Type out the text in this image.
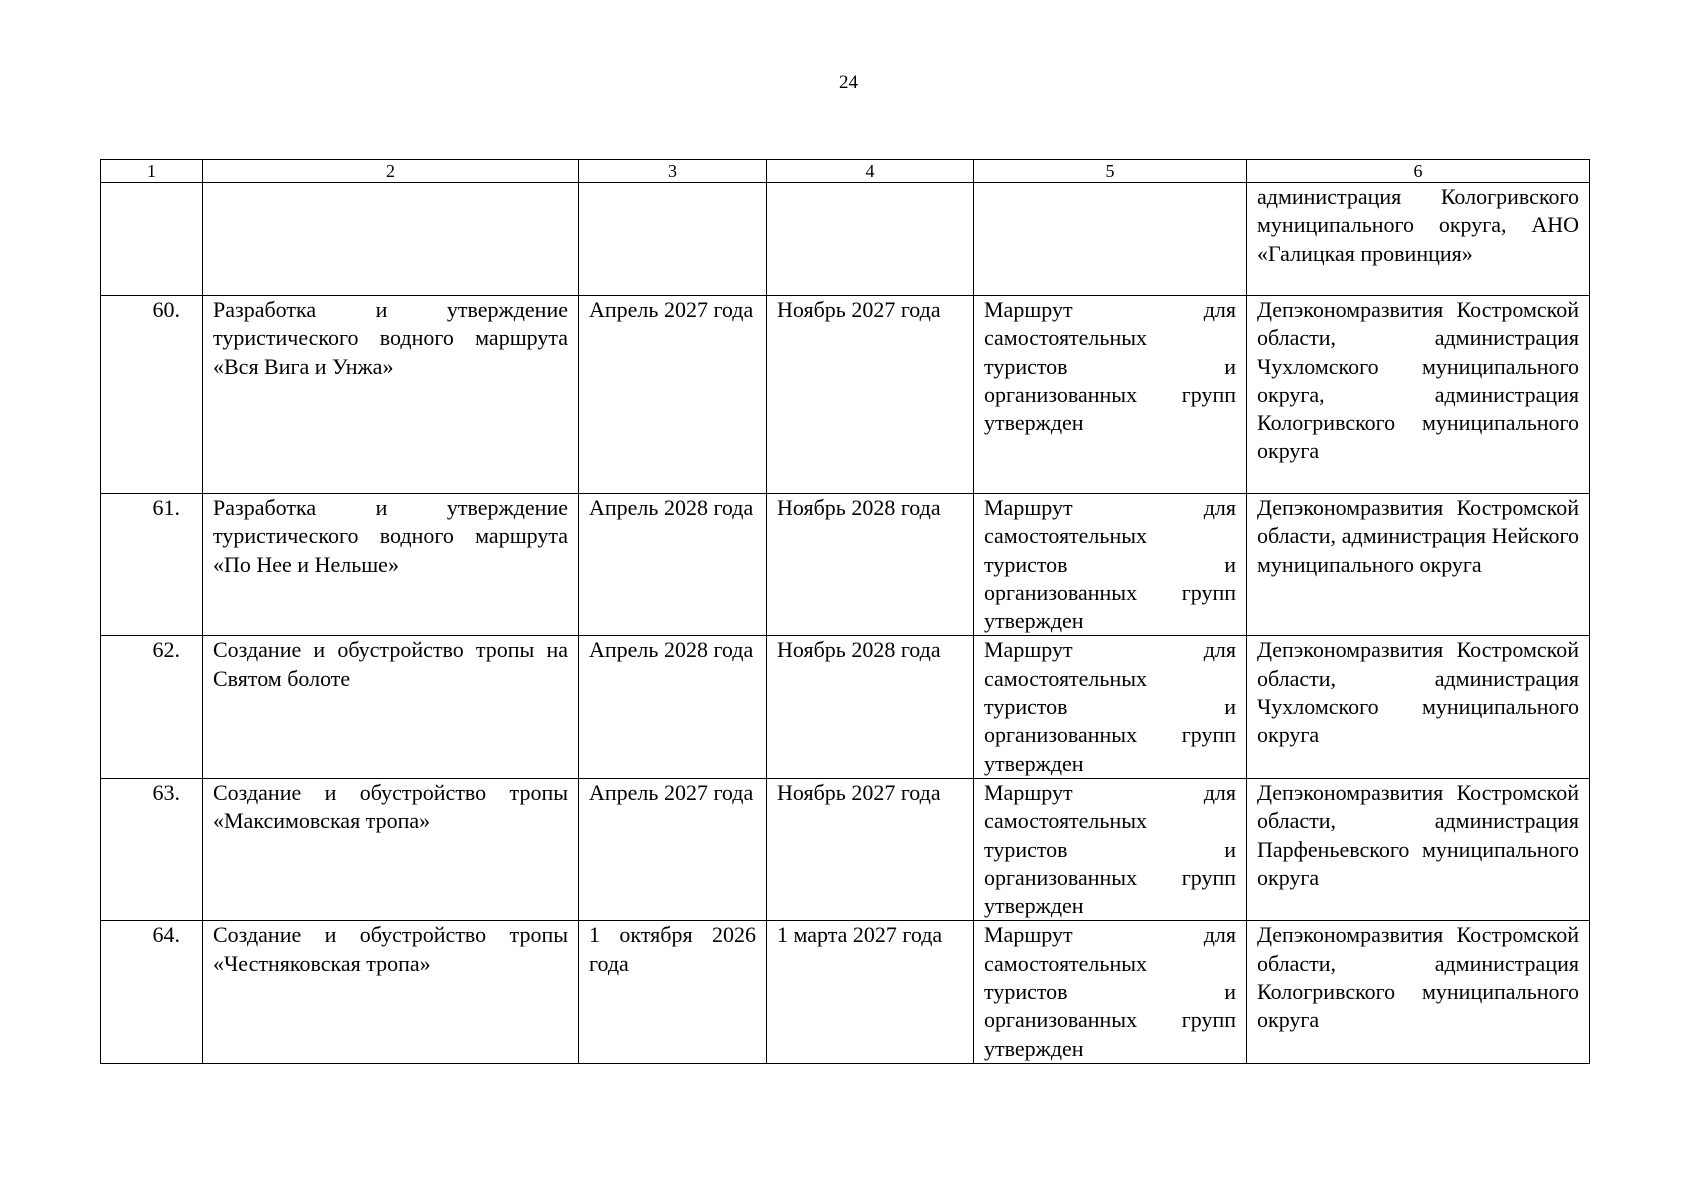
24
1	2	3	4	5	6
					администрация Кологривского муниципального округа, АНО «Галицкая провинция»
60.	Разработка и утверждение туристического водного маршрута «Вся Вига и Унжа»	Апрель 2027 года	Ноябрь 2027 года	Маршрут для самостоятельных туристов и организованных групп утвержден	Депэкономразвития Костромской области, администрация Чухломского муниципального округа, администрация Кологривского муниципального округа
61.	Разработка и утверждение туристического водного маршрута «По Нее и Нельше»	Апрель 2028 года	Ноябрь 2028 года	Маршрут для самостоятельных туристов и организованных групп утвержден	Депэкономразвития Костромской области, администрация Нейского муниципального округа
62.	Создание и обустройство тропы на Святом болоте	Апрель 2028 года	Ноябрь 2028 года	Маршрут для самостоятельных туристов и организованных групп утвержден	Депэкономразвития Костромской области, администрация Чухломского муниципального округа
63.	Создание и обустройство тропы «Максимовская тропа»	Апрель 2027 года	Ноябрь 2027 года	Маршрут для самостоятельных туристов и организованных групп утвержден	Депэкономразвития Костромской области, администрация Парфеньевского муниципального округа
64.	Создание и обустройство тропы «Честняковская тропа»	1 октября 2026 года	1 марта 2027 года	Маршрут для самостоятельных туристов и организованных групп утвержден	Депэкономразвития Костромской области, администрация Кологривского муниципального округа
